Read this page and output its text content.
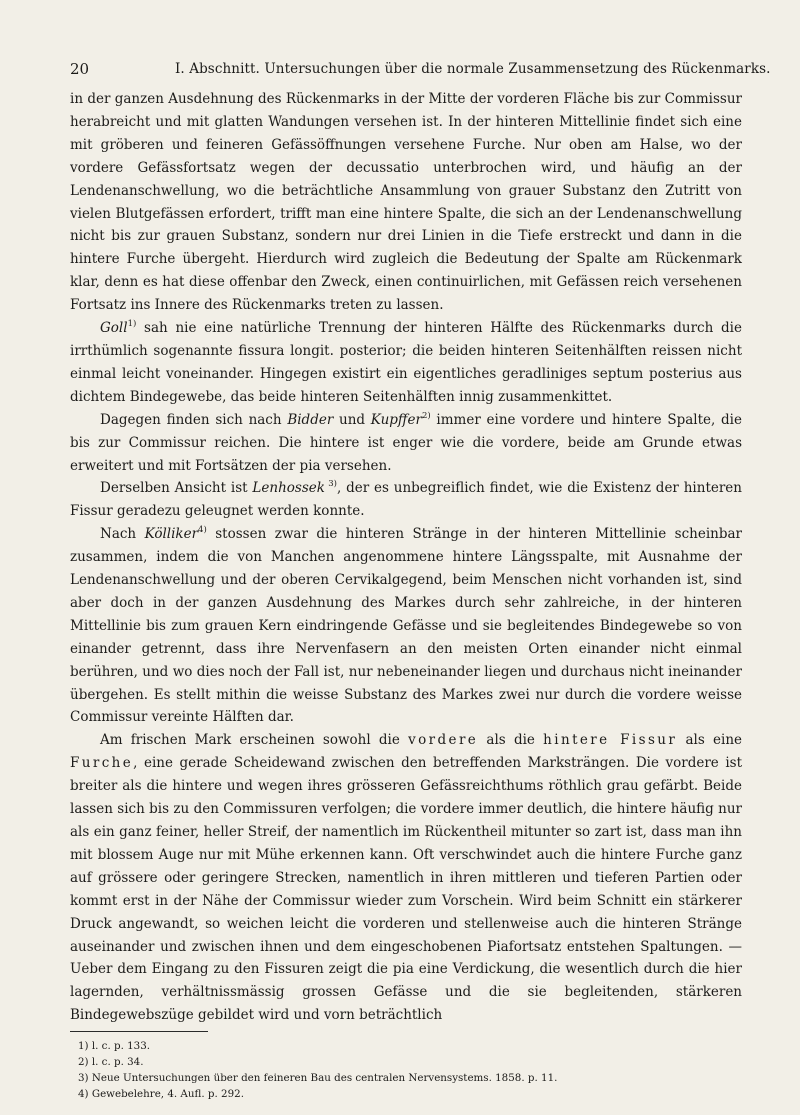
20	I. Abschnitt. Untersuchungen über die normale Zusammensetzung des Rückenmarks.

in der ganzen Ausdehnung des Rückenmarks in der Mitte der vorderen Fläche bis zur Commissur herabreicht und mit glatten Wandungen versehen ist. In der hinteren Mittellinie findet sich eine mit gröberen und feineren Gefässöffnungen versehene Furche. Nur oben am Halse, wo der vordere Gefässfortsatz wegen der decussatio unterbrochen wird, und häufig an der Lendenanschwellung, wo die beträchtliche Ansammlung von grauer Substanz den Zutritt von vielen Blutgefässen erfordert, trifft man eine hintere Spalte, die sich an der Lendenanschwellung nicht bis zur grauen Substanz, sondern nur drei Linien in die Tiefe erstreckt und dann in die hintere Furche übergeht. Hierdurch wird zugleich die Bedeutung der Spalte am Rückenmark klar, denn es hat diese offenbar den Zweck, einen continuirlichen, mit Gefässen reich versehenen Fortsatz ins Innere des Rückenmarks treten zu lassen.

Goll$^{1)}$ sah nie eine natürliche Trennung der hinteren Hälfte des Rückenmarks durch die irrthümlich sogenannte fissura longit. posterior; die beiden hinteren Seitenhälften reissen nicht einmal leicht voneinander. Hingegen existirt ein eigentliches geradliniges septum posterius aus dichtem Bindegewebe, das beide hinteren Seitenhälften innig zusammenkittet.

Dagegen finden sich nach Bidder und Kupffer$^{2)}$ immer eine vordere und hintere Spalte, die bis zur Commissur reichen. Die hintere ist enger wie die vordere, beide am Grunde etwas erweitert und mit Fortsätzen der pia versehen.

Derselben Ansicht ist Lenhossek $^{3)}$, der es unbegreiflich findet, wie die Existenz der hinteren Fissur geradezu geleugnet werden konnte.

Nach Kölliker$^{4)}$ stossen zwar die hinteren Stränge in der hinteren Mittellinie scheinbar zusammen, indem die von Manchen angenommene hintere Längsspalte, mit Ausnahme der Lendenanschwellung und der oberen Cervikalgegend, beim Menschen nicht vorhanden ist, sind aber doch in der ganzen Ausdehnung des Markes durch sehr zahlreiche, in der hinteren Mittellinie bis zum grauen Kern eindringende Gefässe und sie begleitendes Bindegewebe so von einander getrennt, dass ihre Nervenfasern an den meisten Orten einander nicht einmal berühren, und wo dies noch der Fall ist, nur nebeneinander liegen und durchaus nicht ineinander übergehen. Es stellt mithin die weisse Substanz des Markes zwei nur durch die vordere weisse Commissur vereinte Hälften dar.

Am frischen Mark erscheinen sowohl die vordere als die hintere Fissur als eine Furche, eine gerade Scheidewand zwischen den betreffenden Marksträngen. Die vordere ist breiter als die hintere und wegen ihres grösseren Gefässreichthums röthlich grau gefärbt. Beide lassen sich bis zu den Commissuren verfolgen; die vordere immer deutlich, die hintere häufig nur als ein ganz feiner, heller Streif, der namentlich im Rückentheil mitunter so zart ist, dass man ihn mit blossem Auge nur mit Mühe erkennen kann. Oft verschwindet auch die hintere Furche ganz auf grössere oder geringere Strecken, namentlich in ihren mittleren und tieferen Partien oder kommt erst in der Nähe der Commissur wieder zum Vorschein. Wird beim Schnitt ein stärkerer Druck angewandt, so weichen leicht die vorderen und stellenweise auch die hinteren Stränge auseinander und zwischen ihnen und dem eingeschobenen Piafortsatz entstehen Spaltungen. — Ueber dem Eingang zu den Fissuren zeigt die pia eine Verdickung, die wesentlich durch die hier lagernden, verhältnissmässig grossen Gefässe und die sie begleitenden, stärkeren Bindegewebszüge gebildet wird und vorn beträchtlich

1) l. c. p. 133.
2) l. c. p. 34.
3) Neue Untersuchungen über den feineren Bau des centralen Nervensystems. 1858. p. 11.
4) Gewebelehre, 4. Aufl. p. 292.
